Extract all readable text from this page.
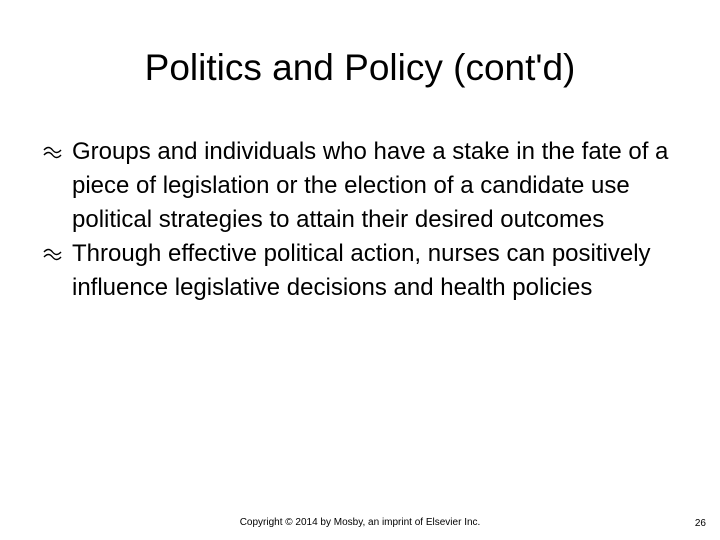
Politics and Policy (cont'd)
Groups and individuals who have a stake in the fate of a piece of legislation or the election of a candidate use political strategies to attain their desired outcomes
Through effective political action, nurses can positively influence legislative decisions and health policies
Copyright © 2014 by Mosby, an imprint of Elsevier Inc.	26
